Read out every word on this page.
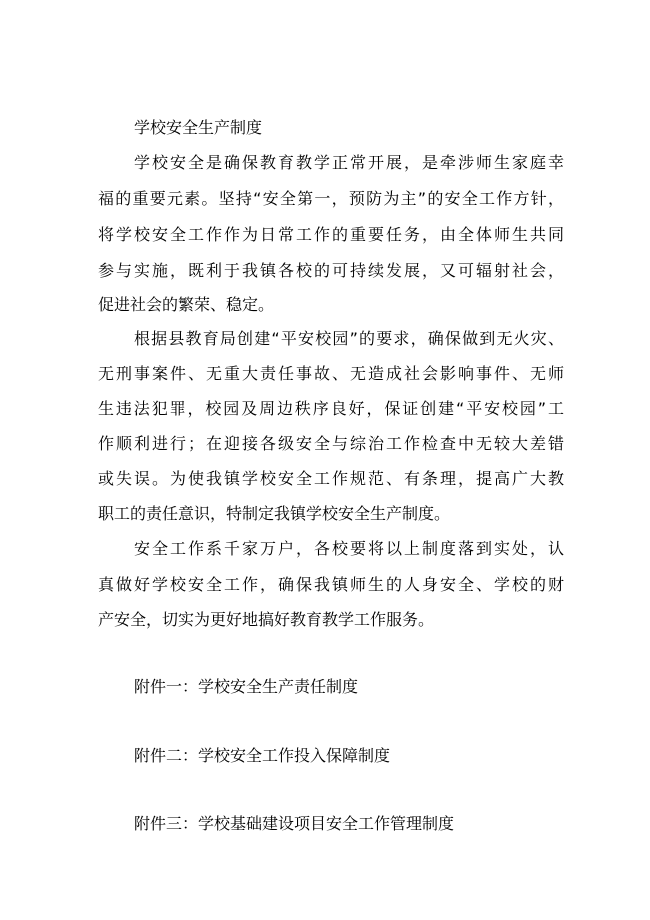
学校安全生产制度
学校安全是确保教育教学正常开展，是牵涉师生家庭幸
福的重要元素。坚持“安全第一，预防为主”的安全工作方针，
将学校安全工作作为日常工作的重要任务，由全体师生共同
参与实施，既利于我镇各校的可持续发展，又可辐射社会，
促进社会的繁荣、稳定。
根据县教育局创建“平安校园”的要求，确保做到无火灾、
无刑事案件、无重大责任事故、无造成社会影响事件、无师
生违法犯罪，校园及周边秩序良好，保证创建“平安校园”工
作顺利进行；在迎接各级安全与综治工作检查中无较大差错
或失误。为使我镇学校安全工作规范、有条理，提高广大教
职工的责任意识，特制定我镇学校安全生产制度。
安全工作系千家万户，各校要将以上制度落到实处，认
真做好学校安全工作，确保我镇师生的人身安全、学校的财
产安全，切实为更好地搞好教育教学工作服务。
附件一：学校安全生产责任制度
附件二：学校安全工作投入保障制度
附件三：学校基础建设项目安全工作管理制度
